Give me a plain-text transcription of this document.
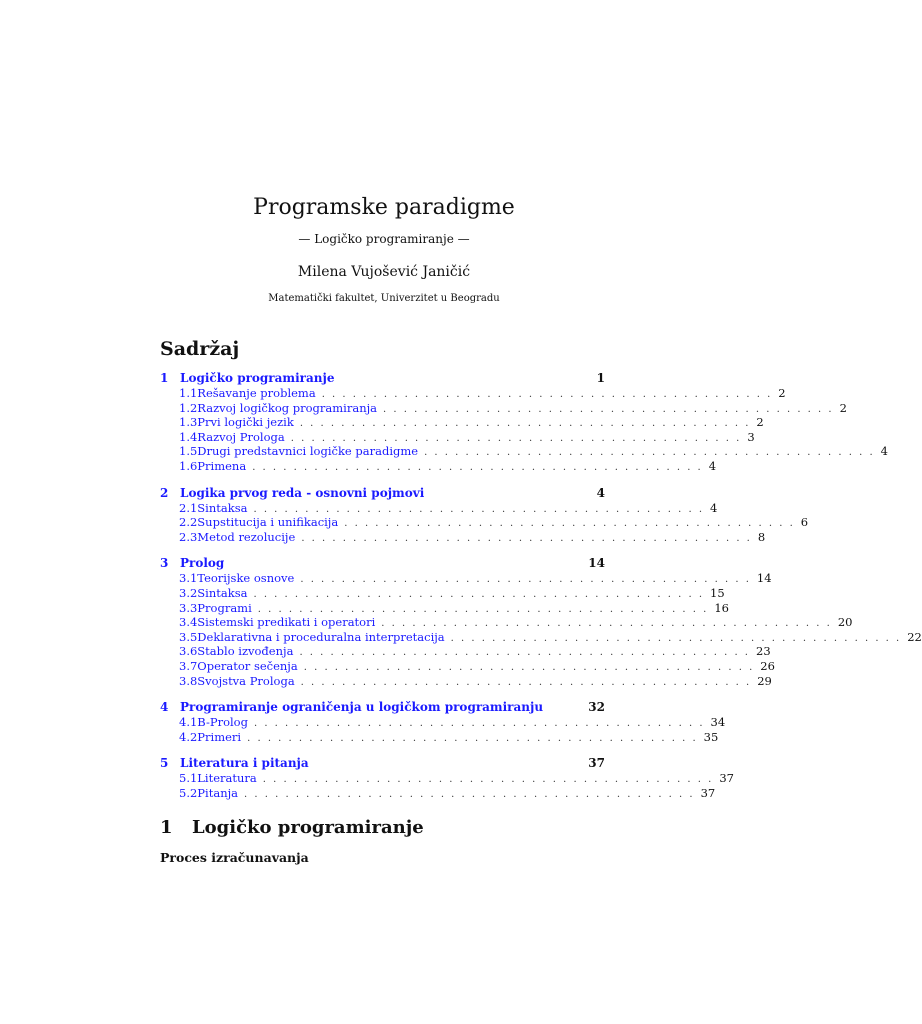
Programske paradigme
— Logičko programiranje —
Milena Vujošević Janičić
Matematički fakultet, Univerzitet u Beogradu
Sadržaj
1 Logičko programiranje	1
1.1 Rešavanje problema . . . . . . . . . . . . . . . . . . . . . . . . . . . . . . . . . . . . . . . . . . . . 2
1.2 Razvoj logičkog programiranja . . . . . . . . . . . . . . . . . . . . . . . . . . . . . . . . . . . . . . . . . . . . 2
1.3 Prvi logički jezik . . . . . . . . . . . . . . . . . . . . . . . . . . . . . . . . . . . . . . . . . . . . 2
1.4 Razvoj Prologa . . . . . . . . . . . . . . . . . . . . . . . . . . . . . . . . . . . . . . . . . . . . 3
1.5 Drugi predstavnici logičke paradigme . . . . . . . . . . . . . . . . . . . . . . . . . . . . . . . . . . . . . . . . . . . . 4
1.6 Primena . . . . . . . . . . . . . . . . . . . . . . . . . . . . . . . . . . . . . . . . . . . . 4
2 Logika prvog reda - osnovni pojmovi	4
2.1 Sintaksa . . . . . . . . . . . . . . . . . . . . . . . . . . . . . . . . . . . . . . . . . . . . 4
2.2 Supstitucija i unifikacija . . . . . . . . . . . . . . . . . . . . . . . . . . . . . . . . . . . . . . . . . . . . 6
2.3 Metod rezolucije . . . . . . . . . . . . . . . . . . . . . . . . . . . . . . . . . . . . . . . . . . . . 8
3 Prolog	14
3.1 Teorijske osnove . . . . . . . . . . . . . . . . . . . . . . . . . . . . . . . . . . . . . . . . . . . . 14
3.2 Sintaksa . . . . . . . . . . . . . . . . . . . . . . . . . . . . . . . . . . . . . . . . . . . . 15
3.3 Programi . . . . . . . . . . . . . . . . . . . . . . . . . . . . . . . . . . . . . . . . . . . . 16
3.4 Sistemski predikati i operatori . . . . . . . . . . . . . . . . . . . . . . . . . . . . . . . . . . . . . . . . . . . . 20
3.5 Deklarativna i proceduralna interpretacija . . . . . . . . . . . . . . . . . . . . . . . . . . . . . . . . . . . . . . . . . . . . 22
3.6 Stablo izvođenja . . . . . . . . . . . . . . . . . . . . . . . . . . . . . . . . . . . . . . . . . . . . 23
3.7 Operator sečenja . . . . . . . . . . . . . . . . . . . . . . . . . . . . . . . . . . . . . . . . . . . . 26
3.8 Svojstva Prologa . . . . . . . . . . . . . . . . . . . . . . . . . . . . . . . . . . . . . . . . . . . . 29
4 Programiranje ograničenja u logičkom programiranju	32
4.1 B-Prolog . . . . . . . . . . . . . . . . . . . . . . . . . . . . . . . . . . . . . . . . . . . . 34
4.2 Primeri . . . . . . . . . . . . . . . . . . . . . . . . . . . . . . . . . . . . . . . . . . . . 35
5 Literatura i pitanja	37
5.1 Literatura . . . . . . . . . . . . . . . . . . . . . . . . . . . . . . . . . . . . . . . . . . . . 37
5.2 Pitanja . . . . . . . . . . . . . . . . . . . . . . . . . . . . . . . . . . . . . . . . . . . . 37
1 Logičko programiranje
Proces izračunavanja
